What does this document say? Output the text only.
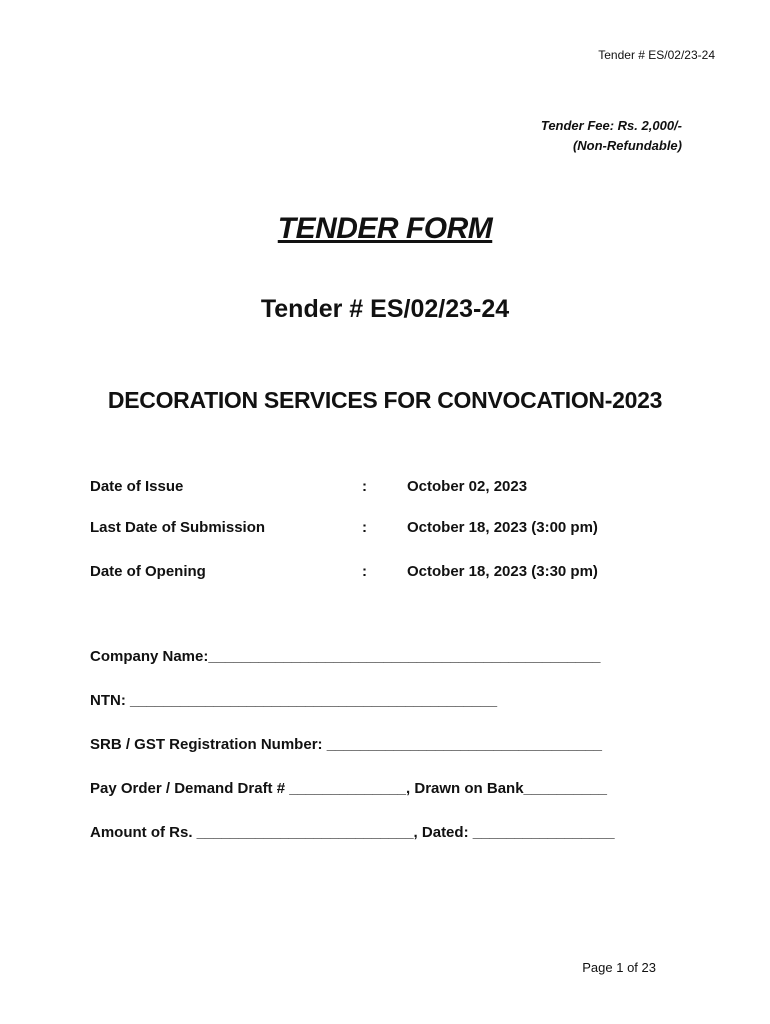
Tender # ES/02/23-24
Tender Fee: Rs. 2,000/-
(Non-Refundable)
TENDER FORM
Tender # ES/02/23-24
DECORATION SERVICES FOR CONVOCATION-2023
Date of Issue	:	October 02, 2023
Last Date of Submission	:	October 18, 2023 (3:00 pm)
Date of Opening	:	October 18, 2023 (3:30 pm)
Company Name:_______________________________________________
NTN: ____________________________________________
SRB / GST Registration Number: _________________________________
Pay Order / Demand Draft # ______________, Drawn on Bank__________
Amount of Rs. __________________________, Dated: _________________
Page 1 of 23
